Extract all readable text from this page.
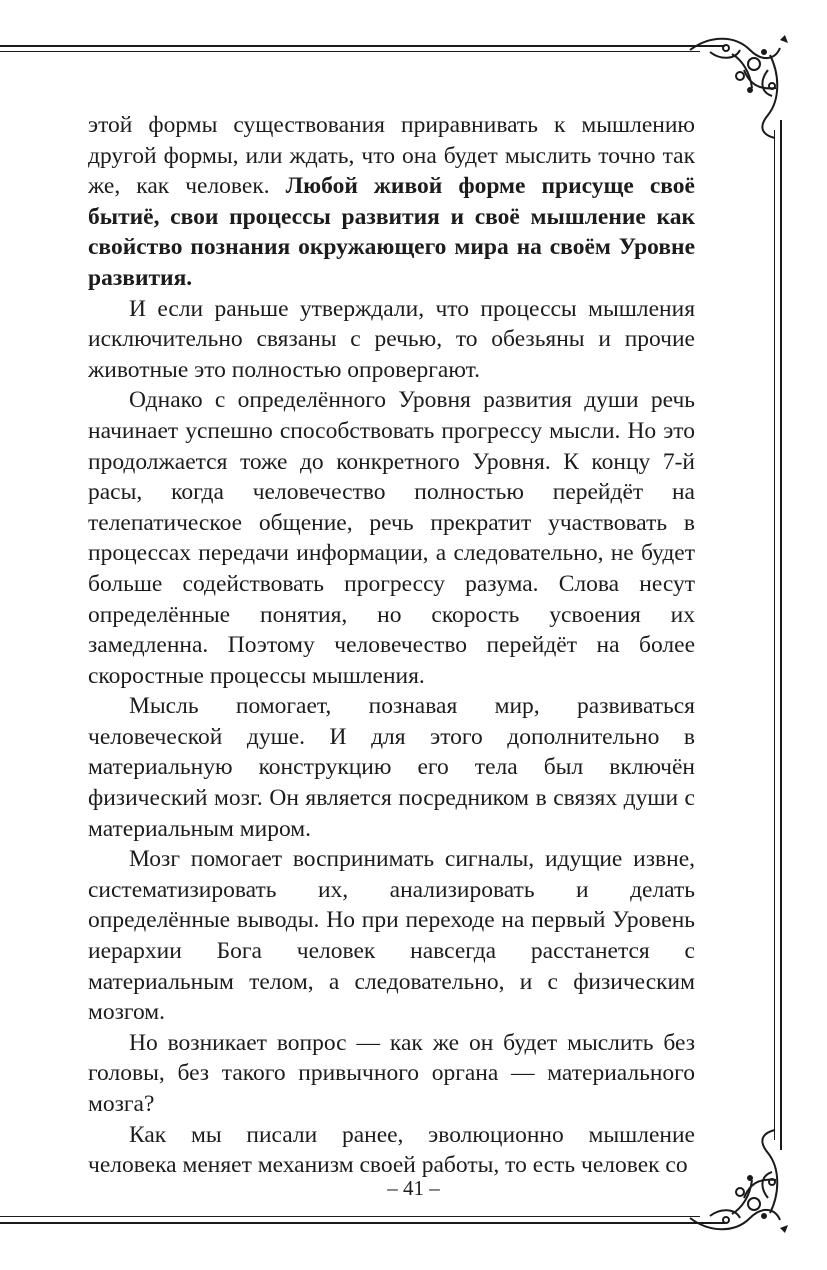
этой формы существования приравнивать к мышлению другой формы, или ждать, что она будет мыслить точно так же, как человек. Любой живой форме присуще своё бытиё, свои процессы развития и своё мышление как свойство познания окружающего мира на своём Уровне развития.

И если раньше утверждали, что процессы мышления исключительно связаны с речью, то обезьяны и прочие животные это полностью опровергают.

Однако с определённого Уровня развития души речь начинает успешно способствовать прогрессу мысли. Но это продолжается тоже до конкретного Уровня. К концу 7-й расы, когда человечество полностью перейдёт на телепатическое общение, речь прекратит участвовать в процессах передачи информации, а следовательно, не будет больше содействовать прогрессу разума. Слова несут определённые понятия, но скорость усвоения их замедленна. Поэтому человечество перейдёт на более скоростные процессы мышления.

Мысль помогает, познавая мир, развиваться человеческой душе. И для этого дополнительно в материальную конструкцию его тела был включён физический мозг. Он является посредником в связях души с материальным миром.

Мозг помогает воспринимать сигналы, идущие извне, систематизировать их, анализировать и делать определённые выводы. Но при переходе на первый Уровень иерархии Бога человек навсегда расстанется с материальным телом, а следовательно, и с физическим мозгом.

Но возникает вопрос — как же он будет мыслить без головы, без такого привычного органа — материального мозга?

Как мы писали ранее, эволюционно мышление человека меняет механизм своей работы, то есть человек со

– 41 –
